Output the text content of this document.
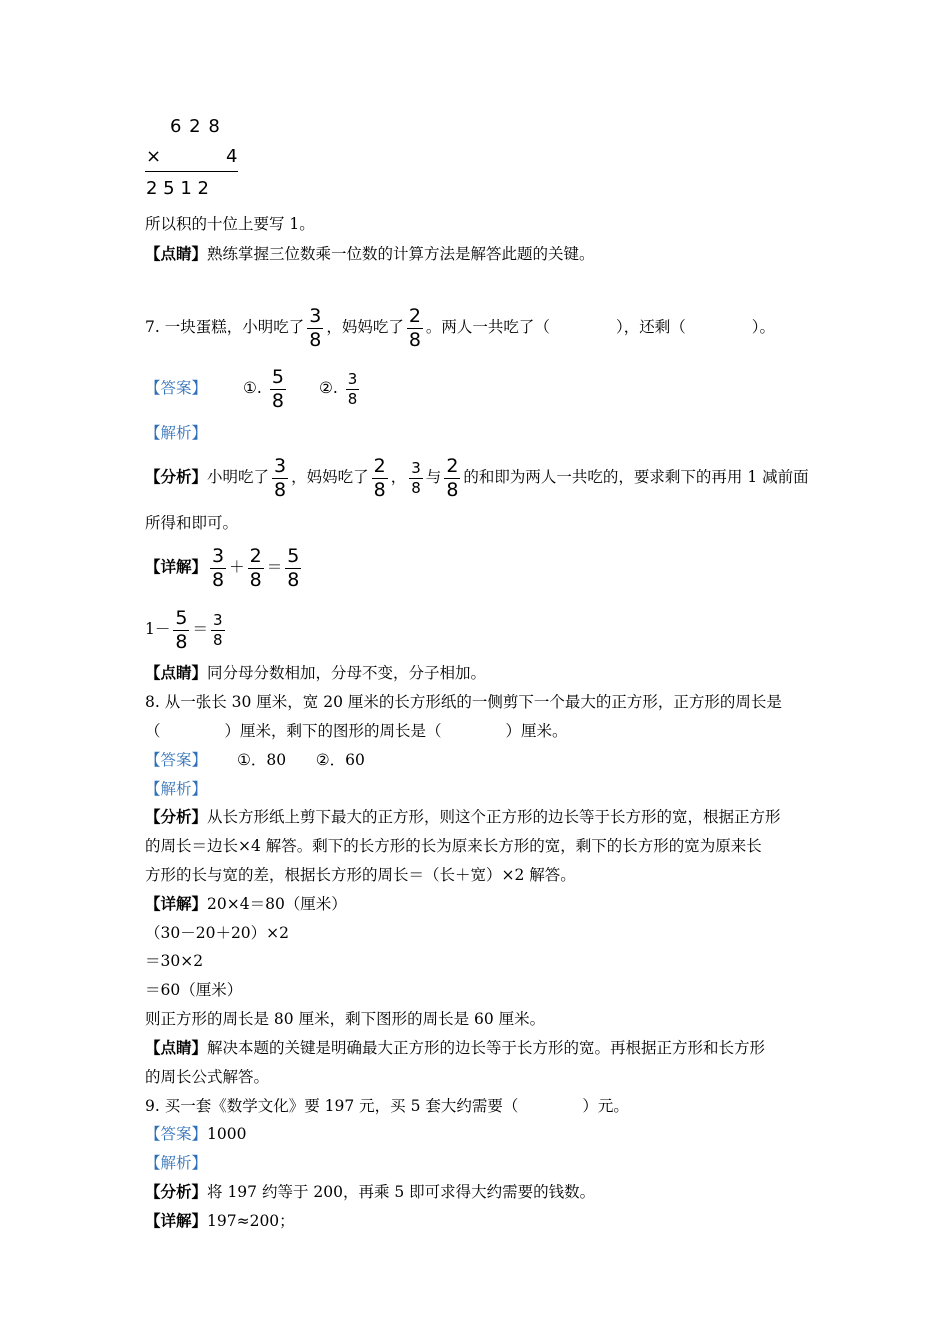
6 2 8
×	4
2 5 1 2
所以积的十位上要写 1。
【点睛】熟练掌握三位数乘一位数的计算方法是解答此题的关键。
7. 一块蛋糕，小明吃了 $\frac{3}{8}$ ，妈妈吃了 $\frac{2}{8}$ 。两人一共吃了（	），还剩（	）。
【答案】 ①. $\frac{5}{8}$ ②. $\frac{3}{8}$
【解析】
【分析】小明吃了 $\frac{3}{8}$ ，妈妈吃了 $\frac{2}{8}$ ， $\frac{3}{8}$ 与 $\frac{2}{8}$ 的和即为两人一共吃的，要求剩下的再用 1 减前面
所得和即可。
【详解】 $\frac{3}{8} + \frac{2}{8} = \frac{5}{8}$
$1- \frac{5}{8} = \frac{3}{8}$
【点睛】同分母分数相加，分母不变，分子相加。
8. 从一张长 30 厘米，宽 20 厘米的长方形纸的一侧剪下一个最大的正方形，正方形的周长是
（	）厘米，剩下的图形的周长是（	）厘米。
【答案】 ①．80      ②．60
【解析】
【分析】从长方形纸上剪下最大的正方形，则这个正方形的边长等于长方形的宽，根据正方形
的周长＝边长×4 解答。剩下的长方形的长为原来长方形的宽，剩下的长方形的宽为原来长
方形的长与宽的差，根据长方形的周长＝（长＋宽）×2 解答。
【详解】20×4＝80（厘米）
（30－20＋20）×2
＝30×2
＝60（厘米）
则正方形的周长是 80 厘米，剩下图形的周长是 60 厘米。
【点睛】解决本题的关键是明确最大正方形的边长等于长方形的宽。再根据正方形和长方形
的周长公式解答。
9. 买一套《数学文化》要 197 元，买 5 套大约需要（	）元。
【答案】1000
【解析】
【分析】将 197 约等于 200，再乘 5 即可求得大约需要的钱数。
【详解】197≈200；
